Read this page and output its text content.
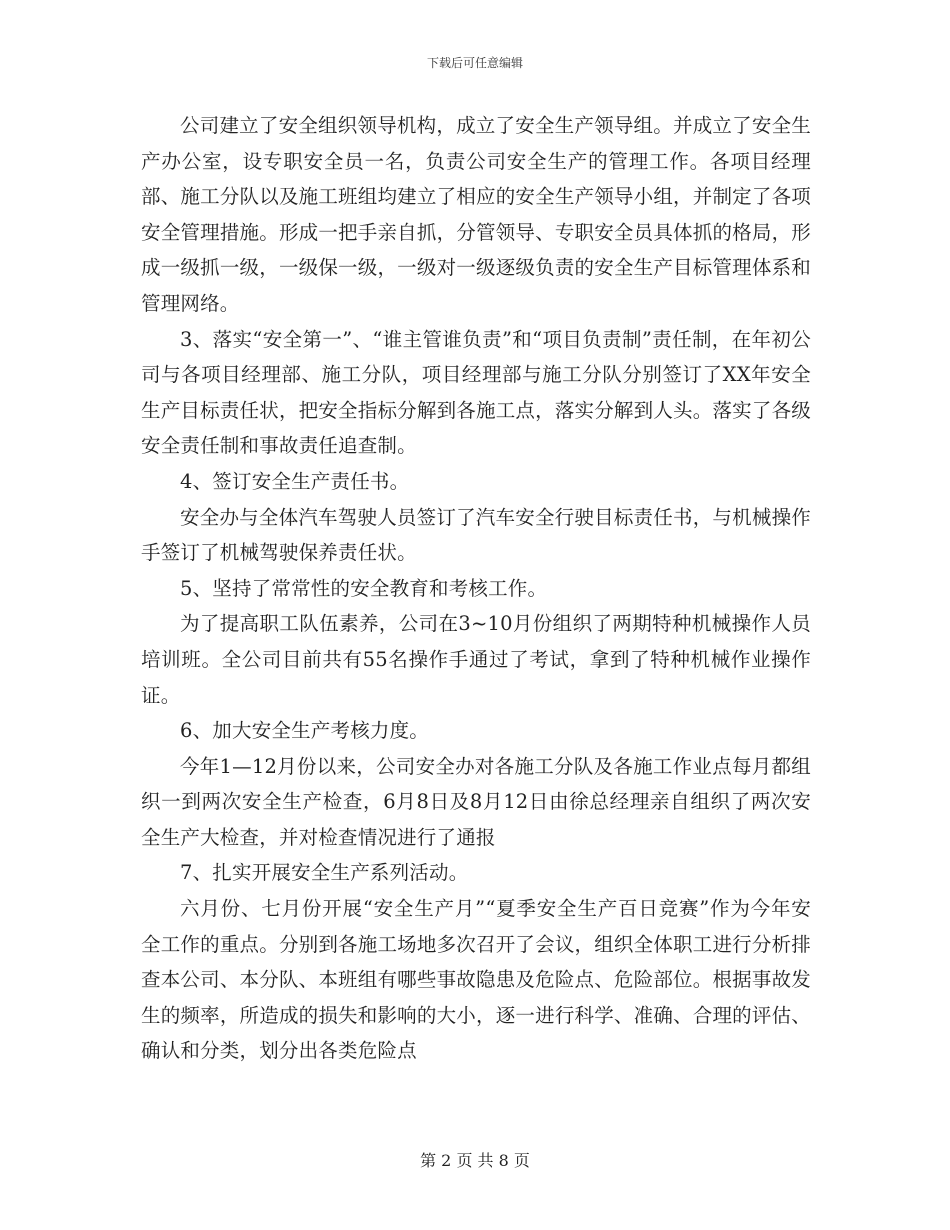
下载后可任意编辑

公司建立了安全组织领导机构，成立了安全生产领导组。并成立了安全生产办公室，设专职安全员一名，负责公司安全生产的管理工作。各项目经理部、施工分队以及施工班组均建立了相应的安全生产领导小组，并制定了各项安全管理措施。形成一把手亲自抓，分管领导、专职安全员具体抓的格局，形成一级抓一级，一级保一级，一级对一级逐级负责的安全生产目标管理体系和管理网络。

3、落实“安全第一”、“谁主管谁负责”和“项目负责制”责任制，在年初公司与各项目经理部、施工分队，项目经理部与施工分队分别签订了XX年安全生产目标责任状，把安全指标分解到各施工点，落实分解到人头。落实了各级安全责任制和事故责任追查制。

4、签订安全生产责任书。

安全办与全体汽车驾驶人员签订了汽车安全行驶目标责任书，与机械操作手签订了机械驾驶保养责任状。

5、坚持了常常性的安全教育和考核工作。

为了提高职工队伍素养，公司在3~10月份组织了两期特种机械操作人员培训班。全公司目前共有55名操作手通过了考试，拿到了特种机械作业操作证。

6、加大安全生产考核力度。

今年1—12月份以来，公司安全办对各施工分队及各施工作业点每月都组织一到两次安全生产检查，6月8日及8月12日由徐总经理亲自组织了两次安全生产大检查，并对检查情况进行了通报

7、扎实开展安全生产系列活动。

六月份、七月份开展“安全生产月”“夏季安全生产百日竞赛”作为今年安全工作的重点。分别到各施工场地多次召开了会议，组织全体职工进行分析排查本公司、本分队、本班组有哪些事故隐患及危险点、危险部位。根据事故发生的频率，所造成的损失和影响的大小，逐一进行科学、准确、合理的评估、确认和分类，划分出各类危险点

第 2 页 共 8 页
